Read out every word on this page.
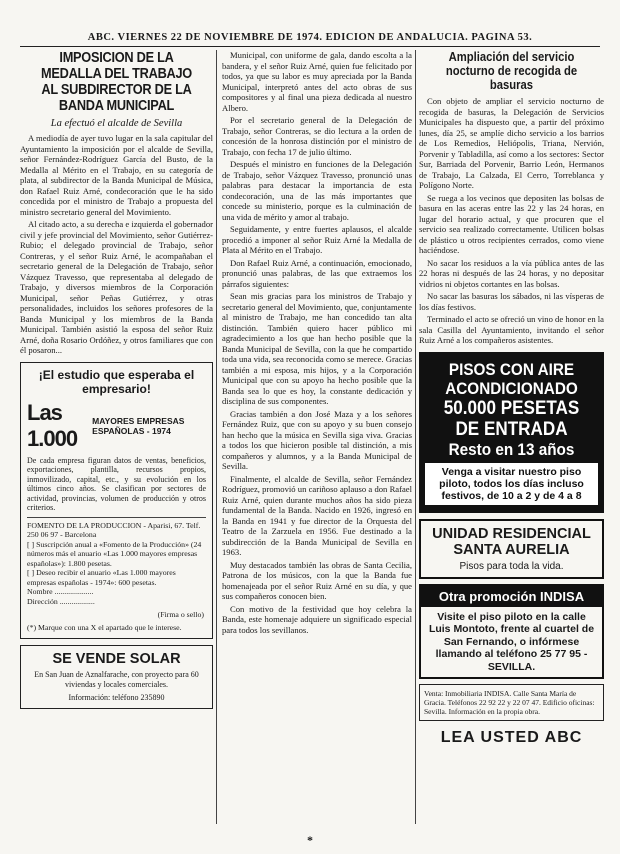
ABC. VIERNES 22 DE NOVIEMBRE DE 1974. EDICION DE ANDALUCIA. PAGINA 53.
IMPOSICION DE LA MEDALLA DEL TRABAJO AL SUBDIRECTOR DE LA BANDA MUNICIPAL
La efectuó el alcalde de Sevilla
A mediodía de ayer tuvo lugar en la sala capitular del Ayuntamiento la imposición por el alcalde de Sevilla, señor Fernández-Rodríguez García del Busto, de la Medalla al Mérito en el Trabajo, en su categoría de plata, al subdirector de la Banda Municipal de Música, don Rafael Ruiz Arné, condecoración que le ha sido concedida por el ministro de Trabajo a propuesta del ministro secretario general del Movimiento.
Al citado acto, a su derecha e izquierda el gobernador civil y jefe provincial del Movimiento, señor Gutiérrez-Rubio; el delegado provincial de Trabajo, señor Contreras, y el señor Ruiz Arné, le acompañaban el secretario general de la Delegación de Trabajo, señor Vázquez Travesso, que representaba al delegado de Trabajo, y diversos miembros de la Corporación Municipal, señor Peñas Gutiérrez, y otras personalidades, incluidos los señores profesores de la Banda Municipal y los miembros de la Banda Municipal. También asistió la esposa del señor Ruiz Arné, doña Rosario Ordóñez, y otros familiares que con él posaron...
¡El estudio que esperaba el empresario!
Las 1.000
MAYORES EMPRESAS ESPAÑOLAS - 1974
De cada empresa figuran datos de ventas, beneficios, exportaciones, plantilla, recursos propios, inmovilizado, capital, etc., y su evolución en los últimos cinco años. Se clasifican por sectores de actividad, provincias, volumen de producción y otros criterios.
FOMENTO DE LA PRODUCCION - Aparisi, 67. Telf. 250 06 97 - Barcelona
[ ] Suscripción anual a «Fomento de la Producción» (24 números más el anuario «Las 1.000 mayores empresas españolas»): 1.800 pesetas.
[ ] Deseo recibir el anuario «Las 1.000 mayores empresas españolas - 1974»: 600 pesetas.
Nombre ....................
Dirección ..................
(Firma o sello)
(*) Marque con una X el apartado que le interese.
SE VENDE SOLAR
En San Juan de Aznalfarache, con proyecto para 60 viviendas y locales comerciales.
Información: teléfono 235890
Municipal, con uniforme de gala, dando escolta a la bandera, y el señor Ruiz Arné, quien fue felicitado por todos, ya que su labor es muy apreciada por la Banda Municipal, interpretó antes del acto obras de sus compositores y al final una pieza dedicada al nuestro Albero.
Por el secretario general de la Delegación de Trabajo, señor Contreras, se dio lectura a la orden de concesión de la honrosa distinción por el ministro de Trabajo, con fecha 17 de julio último.
Después el ministro en funciones de la Delegación de Trabajo, señor Vázquez Travesso, pronunció unas palabras para destacar la importancia de esta condecoración, una de las más importantes que concede su ministerio, porque es la culminación de una vida de mérito y amor al trabajo.
Seguidamente, y entre fuertes aplausos, el alcalde procedió a imponer al señor Ruiz Arné la Medalla de Plata al Mérito en el Trabajo.
Don Rafael Ruiz Arné, a continuación, emocionado, pronunció unas palabras, de las que extraemos los párrafos siguientes:
Sean mis gracias para los ministros de Trabajo y secretario general del Movimiento, que, conjuntamente al ministro de Trabajo, me han concedido tan alta distinción. También quiero hacer público mi agradecimiento a los que han hecho posible que la Banda Municipal de Sevilla, con la que he compartido toda una vida, sea reconocida como se merece. Gracias también a mi esposa, mis hijos, y a la Corporación Municipal que con su apoyo ha hecho posible que la Banda sea lo que es hoy, la constante dedicación y disciplina de sus componentes.
Gracias también a don José Maza y a los señores Fernández Ruiz, que con su apoyo y su buen consejo han hecho que la música en Sevilla siga viva. Gracias a todos los que hicieron posible tal distinción, a mis compañeros y alumnos, y a la Banda Municipal de Sevilla.
Finalmente, el alcalde de Sevilla, señor Fernández Rodríguez, promovió un cariñoso aplauso a don Rafael Ruiz Arné, quien durante muchos años ha sido pieza fundamental de la Banda. Nacido en 1926, ingresó en la Banda en 1941 y fue director de la Orquesta del Teatro de la Zarzuela en 1956. Fue destinado a la subdirección de la Banda Municipal de Sevilla en 1963.
Muy destacados también las obras de Santa Cecilia, Patrona de los músicos, con la que la Banda fue homenajeada por el señor Ruiz Arné en su día, y que sus compañeros conocen bien.
Con motivo de la festividad que hoy celebra la Banda, este homenaje adquiere un significado especial para todos los sevillanos.
Ampliación del servicio nocturno de recogida de basuras
Con objeto de ampliar el servicio nocturno de recogida de basuras, la Delegación de Servicios Municipales ha dispuesto que, a partir del próximo lunes, día 25, se amplíe dicho servicio a los barrios de Los Remedios, Heliópolis, Triana, Nervión, Porvenir y Tabladilla, así como a los sectores: Sector Sur, Barriada del Porvenir, Barrio León, Hermanos de Trabajo, La Calzada, El Cerro, Torreblanca y Polígono Norte.
Se ruega a los vecinos que depositen las bolsas de basura en las aceras entre las 22 y las 24 horas, en lugar del horario actual, y que procuren que el servicio sea realizado correctamente. Utilicen bolsas de plástico u otros recipientes cerrados, como viene haciéndose.
No sacar los residuos a la vía pública antes de las 22 horas ni después de las 24 horas, y no depositar vidrios ni objetos cortantes en las bolsas.
No sacar las basuras los sábados, ni las vísperas de los días festivos.
Terminado el acto se ofreció un vino de honor en la sala Casilla del Ayuntamiento, invitando el señor Ruiz Arné a los compañeros asistentes.
PISOS CON AIRE ACONDICIONADO
50.000 PESETAS DE ENTRADA
Resto en 13 años
Venga a visitar nuestro piso piloto, todos los días incluso festivos, de 10 a 2 y de 4 a 8
UNIDAD RESIDENCIAL SANTA AURELIA
Pisos para toda la vida.
Otra promoción INDISA
Visite el piso piloto en la calle Luis Montoto, frente al cuartel de San Fernando, o infórmese llamando al teléfono 25 77 95 - SEVILLA.
Venta: Inmobiliaria INDISA. Calle Santa María de Gracia. Teléfonos 22 92 22 y 22 07 47. Edificio oficinas: Sevilla. Información en la propia obra.
LEA USTED ABC
*
